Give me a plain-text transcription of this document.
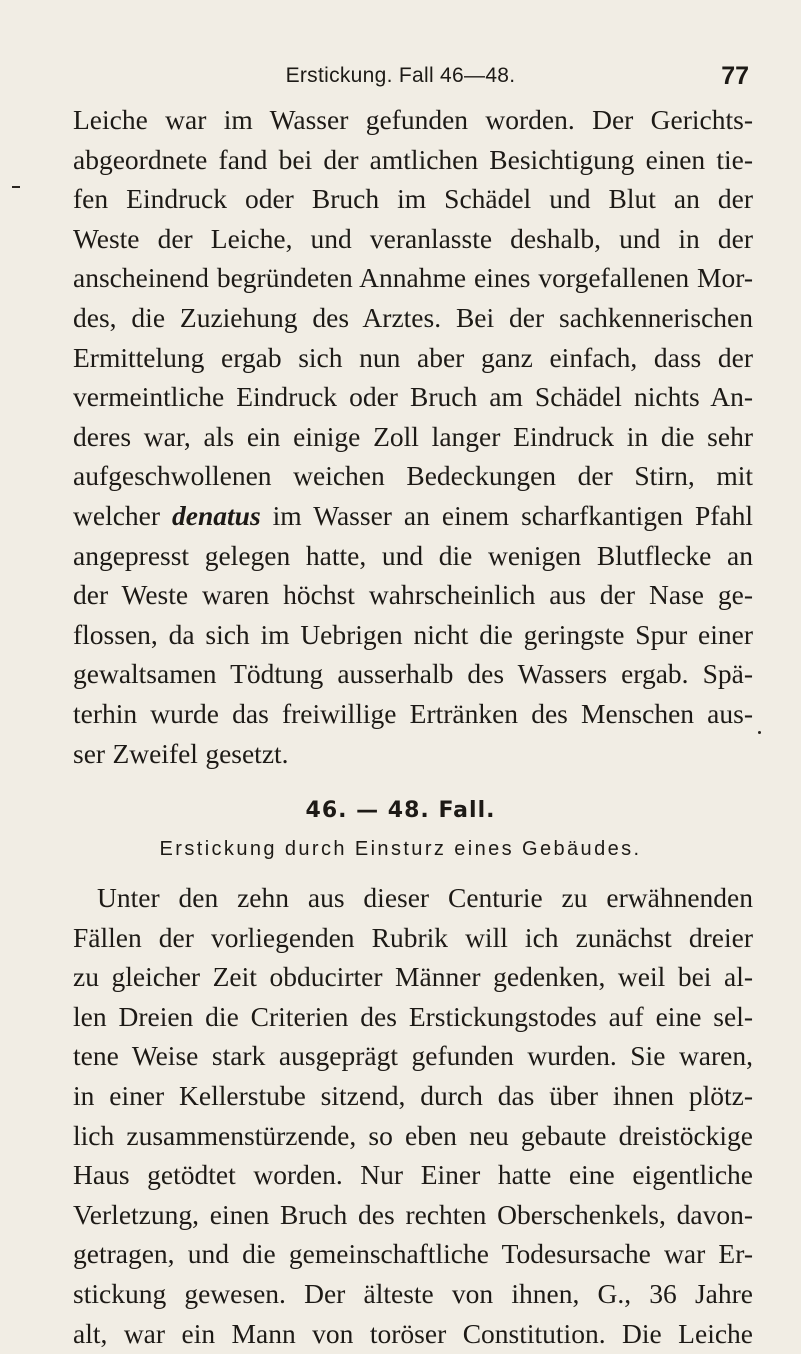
Erstickung. Fall 46—48.	77
Leiche war im Wasser gefunden worden. Der Gerichts-
abgeordnete fand bei der amtlichen Besichtigung einen tie-
fen Eindruck oder Bruch im Schädel und Blut an der
Weste der Leiche, und veranlasste deshalb, und in der
anscheinend begründeten Annahme eines vorgefallenen Mor-
des, die Zuziehung des Arztes. Bei der sachkennerischen
Ermittelung ergab sich nun aber ganz einfach, dass der
vermeintliche Eindruck oder Bruch am Schädel nichts An-
deres war, als ein einige Zoll langer Eindruck in die sehr
aufgeschwollenen weichen Bedeckungen der Stirn, mit
welcher denatus im Wasser an einem scharfkantigen Pfahl
angepresst gelegen hatte, und die wenigen Blutflecke an
der Weste waren höchst wahrscheinlich aus der Nase ge-
flossen, da sich im Uebrigen nicht die geringste Spur einer
gewaltsamen Tödtung ausserhalb des Wassers ergab. Spä-
terhin wurde das freiwillige Ertränken des Menschen aus-
ser Zweifel gesetzt.
46. — 48. Fall.
Erstickung durch Einsturz eines Gebäudes.
Unter den zehn aus dieser Centurie zu erwähnenden
Fällen der vorliegenden Rubrik will ich zunächst dreier
zu gleicher Zeit obducirter Männer gedenken, weil bei al-
len Dreien die Criterien des Erstickungstodes auf eine sel-
tene Weise stark ausgeprägt gefunden wurden. Sie waren,
in einer Kellerstube sitzend, durch das über ihnen plötz-
lich zusammenstürzende, so eben neu gebaute dreistöckige
Haus getödtet worden. Nur Einer hatte eine eigentliche
Verletzung, einen Bruch des rechten Oberschenkels, davon-
getragen, und die gemeinschaftliche Todesursache war Er-
stickung gewesen. Der älteste von ihnen, G., 36 Jahre
alt, war ein Mann von toröser Constitution. Die Leiche
